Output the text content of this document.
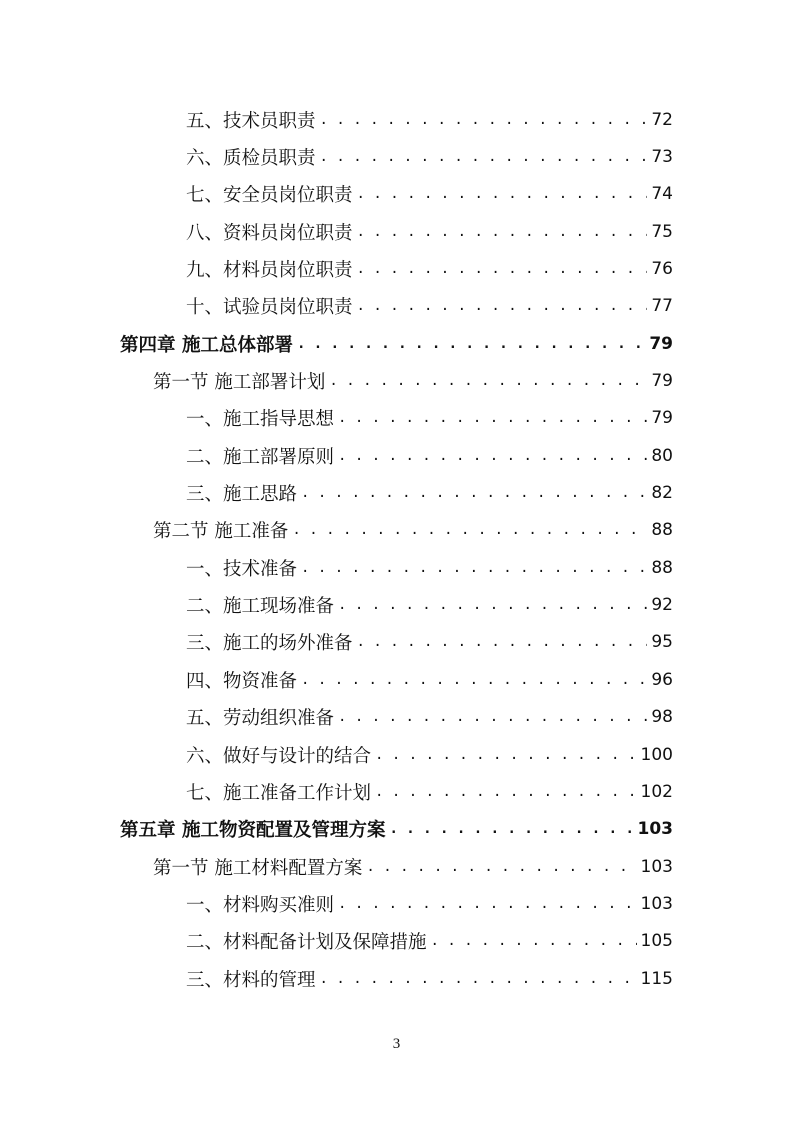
五、技术员职责 . . .	72
六、质检员职责 . . .	73
七、安全员岗位职责 . . .	74
八、资料员岗位职责 . . .	75
九、材料员岗位职责 . . .	76
十、试验员岗位职责 . . .	77
第四章 施工总体部署 . . .	79
第一节 施工部署计划 . . .	79
一、施工指导思想 . . .	79
二、施工部署原则 . . .	80
三、施工思路 . . .	82
第二节 施工准备 . . .	88
一、技术准备 . . .	88
二、施工现场准备 . . .	92
三、施工的场外准备 . . .	95
四、物资准备 . . .	96
五、劳动组织准备 . . .	98
六、做好与设计的结合 . . .	100
七、施工准备工作计划 . . .	102
第五章 施工物资配置及管理方案 . . .	103
第一节 施工材料配置方案 . . .	103
一、材料购买准则 . . .	103
二、材料配备计划及保障措施 . . .	105
三、材料的管理 . . .	115
3
